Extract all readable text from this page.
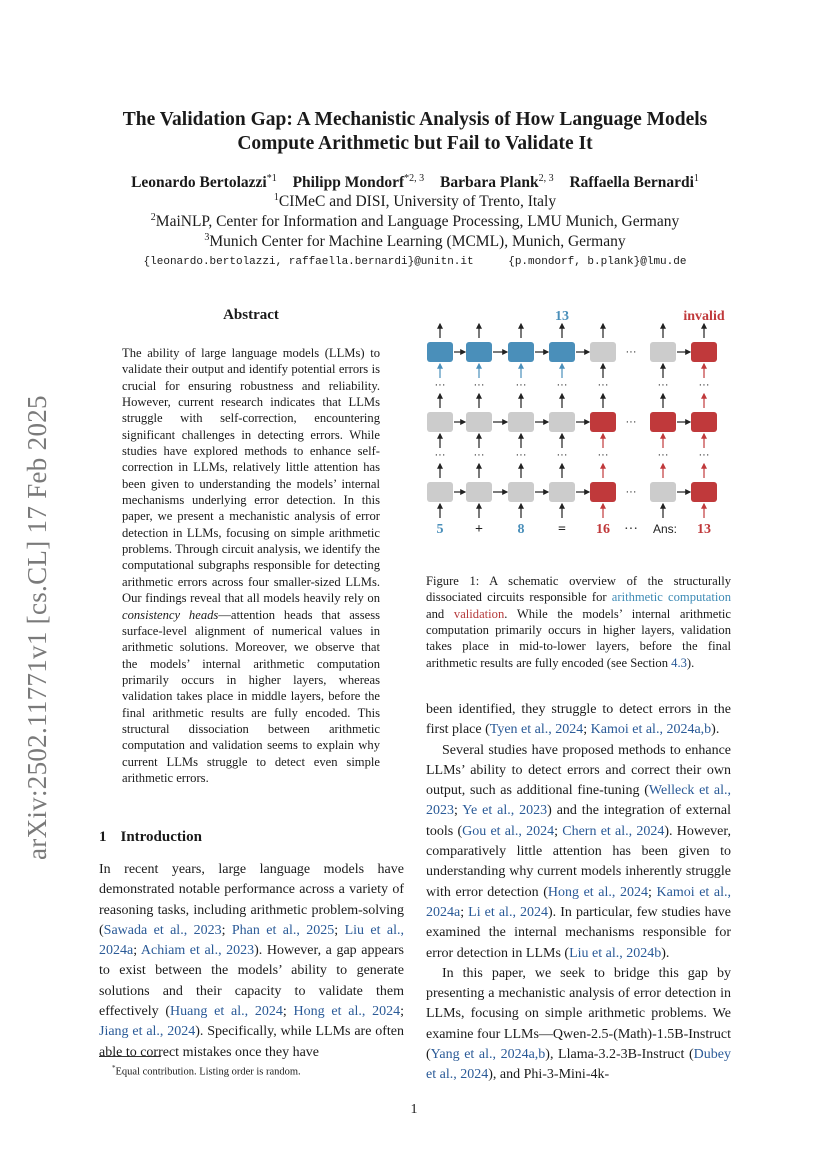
arXiv:2502.11771v1 [cs.CL] 17 Feb 2025
The Validation Gap: A Mechanistic Analysis of How Language Models
Compute Arithmetic but Fail to Validate It
Leonardo Bertolazzi$^{*1}$ Philipp Mondorf$^{*2, 3}$ Barbara Plank$^{2, 3}$ Raffaella Bernardi$^1$
$^1$CIMeC and DISI, University of Trento, Italy
$^2$MaiNLP, Center for Information and Language Processing, LMU Munich, Germany
$^3$Munich Center for Machine Learning (MCML), Munich, Germany
{leonardo.bertolazzi, raffaella.bernardi}@unitn.it	{p.mondorf, b.plank}@lmu.de
Abstract
The ability of large language models (LLMs) to validate their output and identify potential errors is crucial for ensuring robustness and reliability. However, current research indicates that LLMs struggle with self-correction, encountering significant challenges in detecting errors. While studies have explored methods to enhance self-correction in LLMs, relatively little attention has been given to understanding the models’ internal mechanisms underlying error detection. In this paper, we present a mechanistic analysis of error detection in LLMs, focusing on simple arithmetic problems. Through circuit analysis, we identify the computational subgraphs responsible for detecting arithmetic errors across four smaller-sized LLMs. Our findings reveal that all models heavily rely on consistency heads—attention heads that assess surface-level alignment of numerical values in arithmetic solutions. Moreover, we observe that the models’ internal arithmetic computation primarily occurs in higher layers, whereas validation takes place in middle layers, before the final arithmetic results are fully encoded. This structural dissociation between arithmetic computation and validation seems to explain why current LLMs struggle to detect even simple arithmetic errors.
1 Introduction
In recent years, large language models have demonstrated notable performance across a variety of reasoning tasks, including arithmetic problem-solving (Sawada et al., 2023; Phan et al., 2025; Liu et al., 2024a; Achiam et al., 2023). However, a gap appears to exist between the models’ ability to generate solutions and their capacity to validate them effectively (Huang et al., 2024; Hong et al., 2024; Jiang et al., 2024). Specifically, while LLMs are often able to correct mistakes once they have
*Equal contribution. Listing order is random.
1
···
···	···	···	···	···	···	···
···
···	···	···	···	···	···	···
···
13	invalid
5 + 8 = 16 ··· Ans: 13
Figure 1: A schematic overview of the structurally dissociated circuits responsible for arithmetic computation and validation. While the models’ internal arithmetic computation primarily occurs in higher layers, validation takes place in mid-to-lower layers, before the final arithmetic results are fully encoded (see Section 4.3).

been identified, they struggle to detect errors in the first place (Tyen et al., 2024; Kamoi et al., 2024a,b).

Several studies have proposed methods to enhance LLMs’ ability to detect errors and correct their own output, such as additional fine-tuning (Welleck et al., 2023; Ye et al., 2023) and the integration of external tools (Gou et al., 2024; Chern et al., 2024). However, comparatively little attention has been given to understanding why current models inherently struggle with error detection (Hong et al., 2024; Kamoi et al., 2024a; Li et al., 2024). In particular, few studies have examined the internal mechanisms responsible for error detection in LLMs (Liu et al., 2024b).

In this paper, we seek to bridge this gap by presenting a mechanistic analysis of error detection in LLMs, focusing on simple arithmetic problems. We examine four LLMs—Qwen-2.5-(Math)-1.5B-Instruct (Yang et al., 2024a,b), Llama-3.2-3B-Instruct (Dubey et al., 2024), and Phi-3-Mini-4k-
